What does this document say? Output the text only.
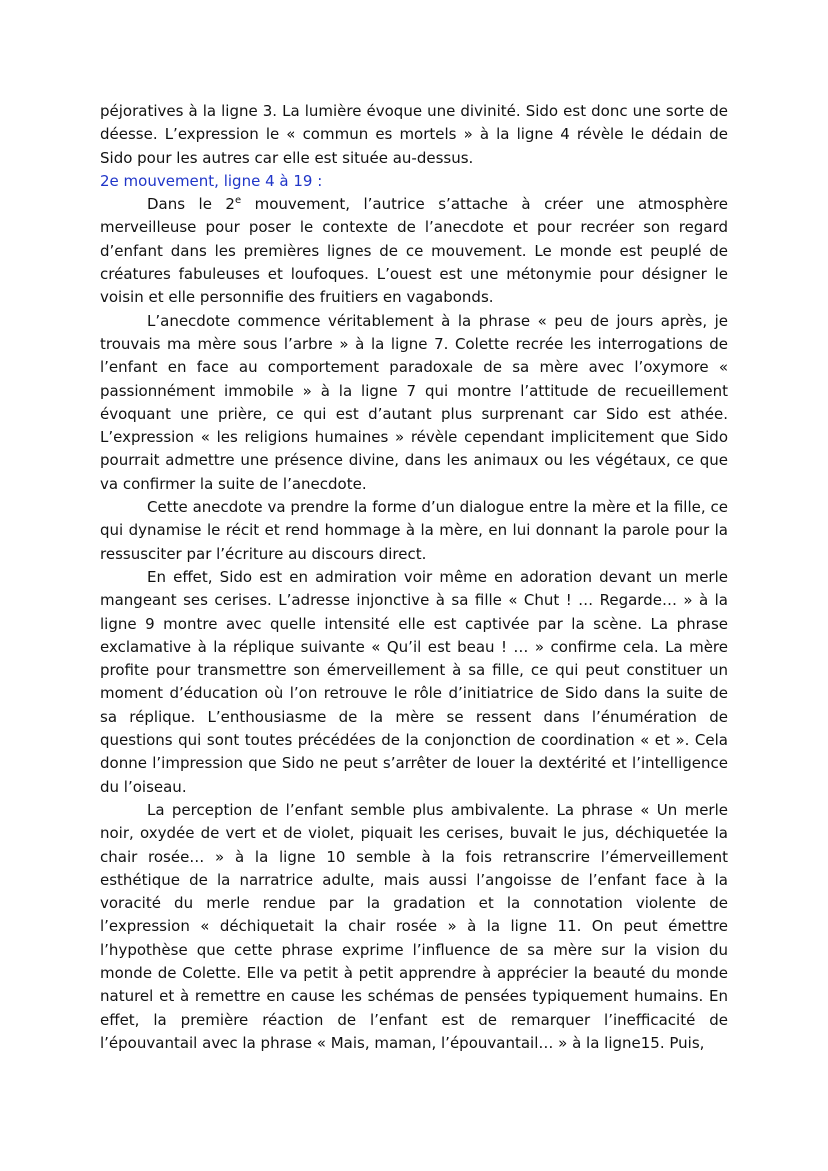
péjoratives à la ligne 3. La lumière évoque une divinité. Sido est donc une sorte de déesse. L’expression le « commun es mortels » à la ligne 4 révèle le dédain de Sido pour les autres car elle est située au-dessus.

2e mouvement, ligne 4 à 19 :

Dans le 2e mouvement, l’autrice s’attache à créer une atmosphère merveilleuse pour poser le contexte de l’anecdote et pour recréer son regard d’enfant dans les premières lignes de ce mouvement. Le monde est peuplé de créatures fabuleuses et loufoques. L’ouest est une métonymie pour désigner le voisin et elle personnifie des fruitiers en vagabonds.

L’anecdote commence véritablement à la phrase « peu de jours après, je trouvais ma mère sous l’arbre » à la ligne 7. Colette recrée les interrogations de l’enfant en face au comportement paradoxale de sa mère avec l’oxymore « passionnément immobile » à la ligne 7 qui montre l’attitude de recueillement évoquant une prière, ce qui est d’autant plus surprenant car Sido est athée. L’expression « les religions humaines » révèle cependant implicitement que Sido pourrait admettre une présence divine, dans les animaux ou les végétaux, ce que va confirmer la suite de l’anecdote.

Cette anecdote va prendre la forme d’un dialogue entre la mère et la fille, ce qui dynamise le récit et rend hommage à la mère, en lui donnant la parole pour la ressusciter par l’écriture au discours direct.

En effet, Sido est en admiration voir même en adoration devant un merle mangeant ses cerises. L’adresse injonctive à sa fille « Chut ! … Regarde… » à la ligne 9 montre avec quelle intensité elle est captivée par la scène. La phrase exclamative à la réplique suivante « Qu’il est beau ! … » confirme cela. La mère profite pour transmettre son émerveillement à sa fille, ce qui peut constituer un moment d’éducation où l’on retrouve le rôle d’initiatrice de Sido dans la suite de sa réplique. L’enthousiasme de la mère se ressent dans l’énumération de questions qui sont toutes précédées de la conjonction de coordination « et ». Cela donne l’impression que Sido ne peut s’arrêter de louer la dextérité et l’intelligence du l’oiseau.

La perception de l’enfant semble plus ambivalente. La phrase « Un merle noir, oxydée de vert et de violet, piquait les cerises, buvait le jus, déchiquetée la chair rosée… » à la ligne 10 semble à la fois retranscrire l’émerveillement esthétique de la narratrice adulte, mais aussi l’angoisse de l’enfant face à la voracité du merle rendue par la gradation et la connotation violente de l’expression « déchiquetait la chair rosée » à la ligne 11. On peut émettre l’hypothèse que cette phrase exprime l’influence de sa mère sur la vision du monde de Colette. Elle va petit à petit apprendre à apprécier la beauté du monde naturel et à remettre en cause les schémas de pensées typiquement humains. En effet, la première réaction de l’enfant est de remarquer l’inefficacité de l’épouvantail avec la phrase « Mais, maman, l’épouvantail… » à la ligne15. Puis,
